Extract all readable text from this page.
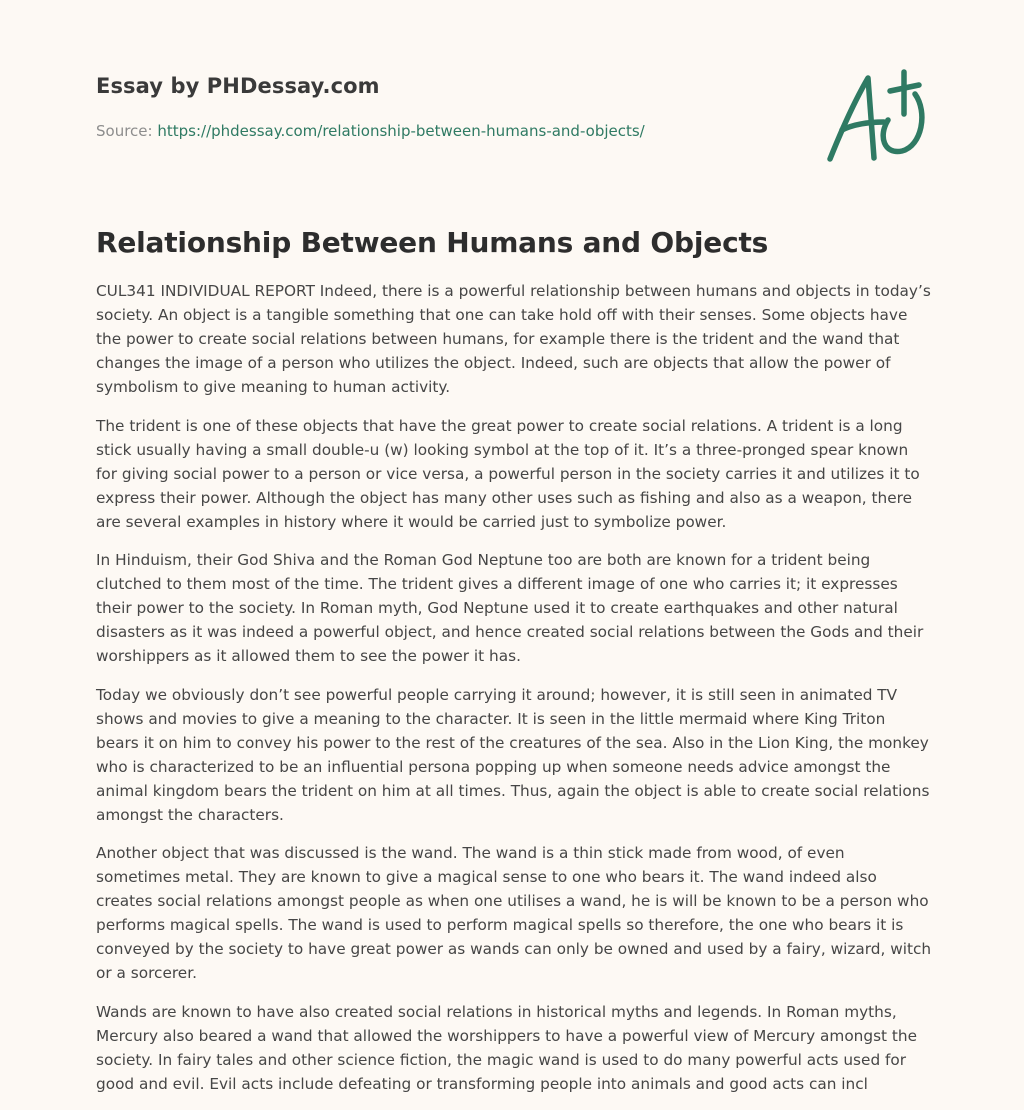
Essay by PHDessay.com
Source: https://phdessay.com/relationship-between-humans-and-objects/
Relationship Between Humans and Objects

CUL341 INDIVIDUAL REPORT Indeed, there is a powerful relationship between humans and objects in today’s society. An object is a tangible something that one can take hold off with their senses. Some objects have the power to create social relations between humans, for example there is the trident and the wand that changes the image of a person who utilizes the object. Indeed, such are objects that allow the power of symbolism to give meaning to human activity.

The trident is one of these objects that have the great power to create social relations. A trident is a long stick usually having a small double-u (w) looking symbol at the top of it. It’s a three-pronged spear known for giving social power to a person or vice versa, a powerful person in the society carries it and utilizes it to express their power. Although the object has many other uses such as fishing and also as a weapon, there are several examples in history where it would be carried just to symbolize power.

In Hinduism, their God Shiva and the Roman God Neptune too are both are known for a trident being clutched to them most of the time. The trident gives a different image of one who carries it; it expresses their power to the society. In Roman myth, God Neptune used it to create earthquakes and other natural disasters as it was indeed a powerful object, and hence created social relations between the Gods and their worshippers as it allowed them to see the power it has.

Today we obviously don’t see powerful people carrying it around; however, it is still seen in animated TV shows and movies to give a meaning to the character. It is seen in the little mermaid where King Triton bears it on him to convey his power to the rest of the creatures of the sea. Also in the Lion King, the monkey who is characterized to be an influential persona popping up when someone needs advice amongst the animal kingdom bears the trident on him at all times. Thus, again the object is able to create social relations amongst the characters.

Another object that was discussed is the wand. The wand is a thin stick made from wood, of even sometimes metal. They are known to give a magical sense to one who bears it. The wand indeed also creates social relations amongst people as when one utilises a wand, he is will be known to be a person who performs magical spells. The wand is used to perform magical spells so therefore, the one who bears it is conveyed by the society to have great power as wands can only be owned and used by a fairy, wizard, witch or a sorcerer.

Wands are known to have also created social relations in historical myths and legends. In Roman myths, Mercury also beared a wand that allowed the worshippers to have a powerful view of Mercury amongst the society. In fairy tales and other science fiction, the magic wand is used to do many powerful acts used for good and evil. Evil acts include defeating or transforming people into animals and good acts can incl
